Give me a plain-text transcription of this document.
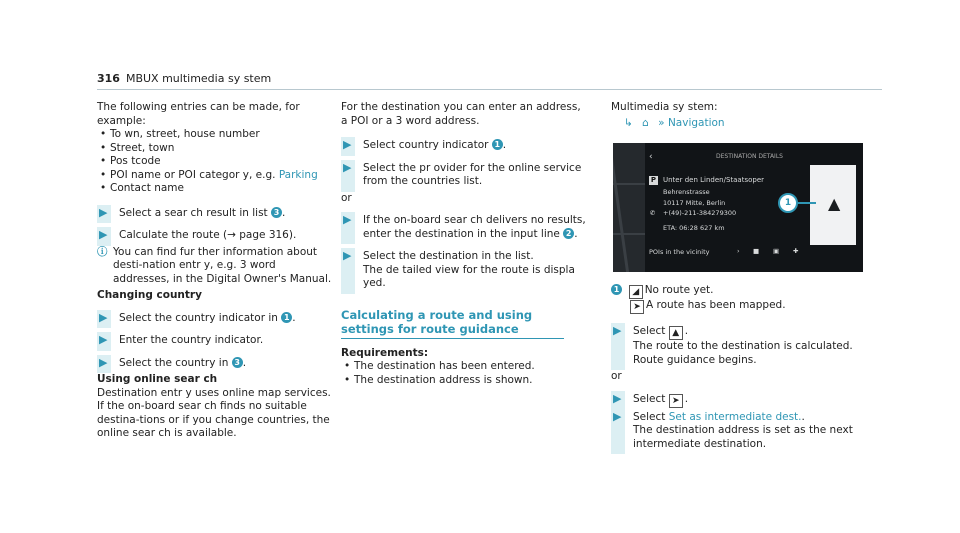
316 MBUX multimedia sy stem

The following entries can be made, for example:

• To wn, street, house number
• Street, town
• Pos tcode
• POI name or POI categor y, e.g. Parking
• Contact name
▶ Select a sear ch result in list 3 .
▶ Calculate the route (→ page 316).
ⓘ You can find fur ther information about desti-nation entr y, e.g. 3 word addresses, in the Digital Owner's Manual.

Changing country

▶ Select the country indicator in 1 .
▶ Enter the country indicator.
▶ Select the country in 3 .

Using online sear ch

Destination entr y uses online map services. If the on-board sear ch finds no suitable destina-tions or if you change countries, the online sear ch is available.

For the destination you can enter an address, a POI or a 3 word address.

▶ Select country indicator 1 .
▶ Select the pr ovider for the online service from the countries list.

or

▶ If the on-board sear ch delivers no results, enter the destination in the input line 2 .
▶ Select the destination in the list.
The de tailed view for the route is displa yed.
Calculating a route and using settings for route guidance

Requirements:

• The destination has been entered.
• The destination address is shown.

Multimedia sy stem:

↳ ⌂ » Navigation

‹	DESTINATION DETAILS
P Unter den Linden/Staatsoper
Behrenstrasse
10117 Mitte, Berlin
✆ +(49)-211-384279300
ETA: 06:28 627 km
POIs in the vicinity	› ■ ▣ ✚
1	▲

1 ◢ No route yet.

➤ A route has been mapped.

▶ Select ▲ .
The route to the destination is calculated.
Route guidance begins.

or

▶ Select ➤ .
▶ Select Set as intermediate dest..
The destination address is set as the next intermediate destination.
